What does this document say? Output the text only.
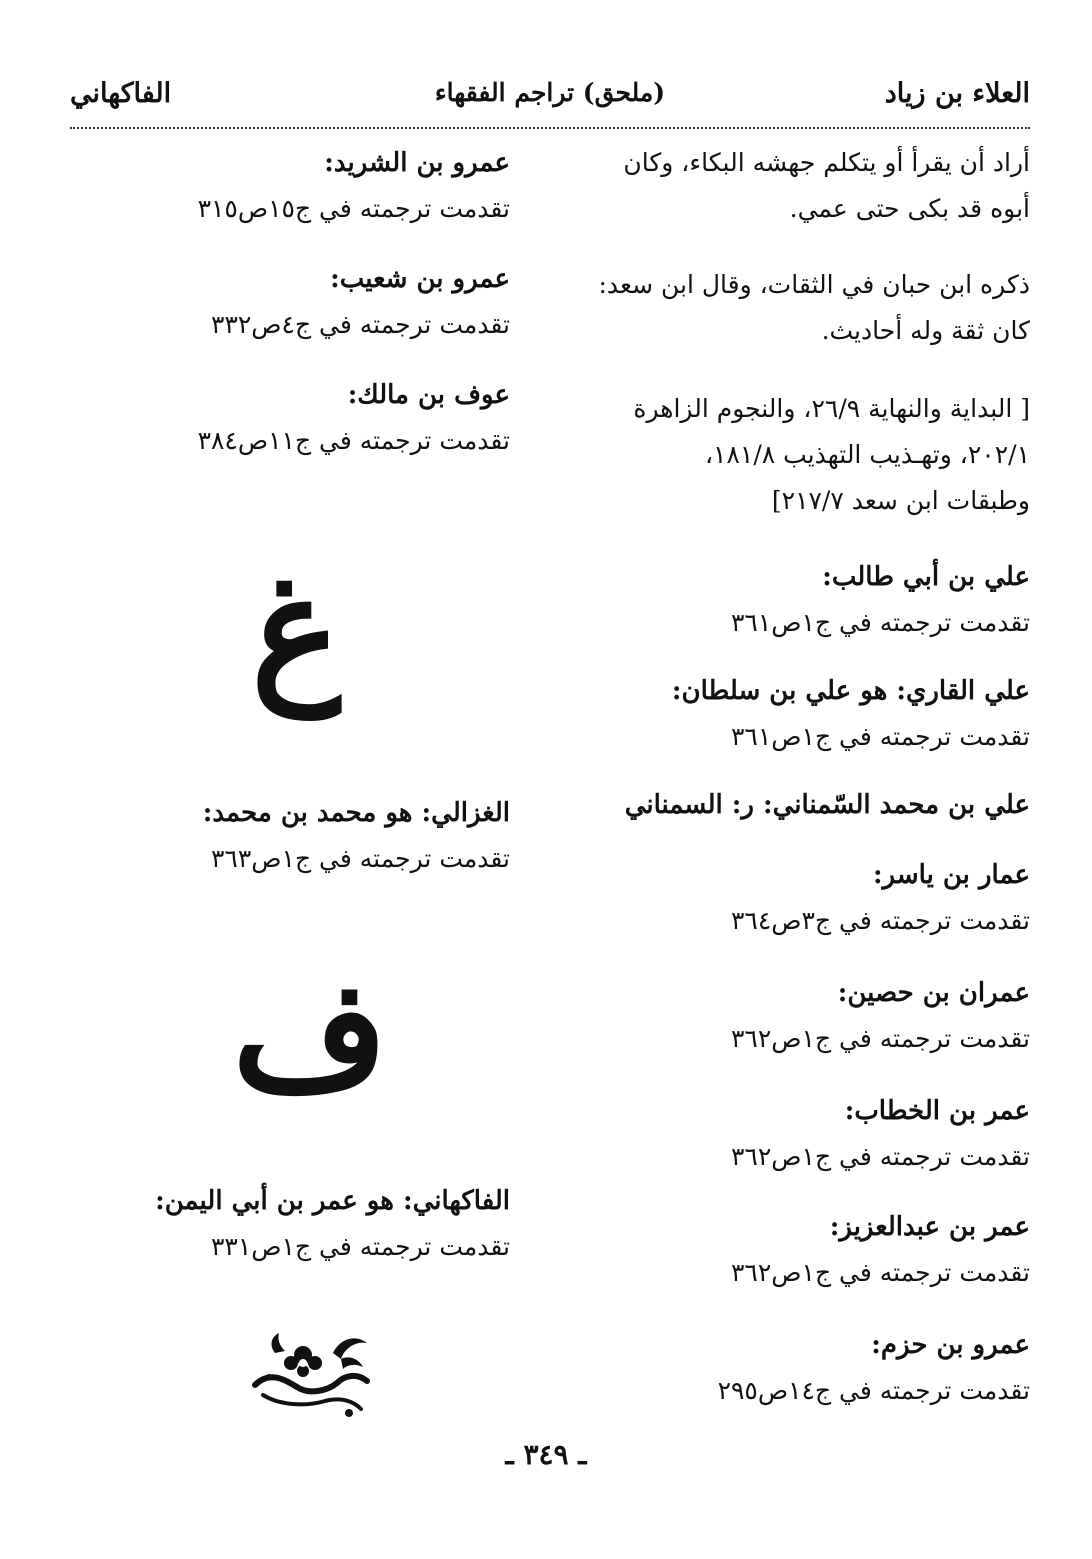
العلاء بن زياد
(ملحق) تراجم الفقهاء
الفاكهاني
أراد أن يقرأ أو يتكلم جهشه البكاء، وكان
أبوه قد بكى حتى عمي.
ذكره ابن حبان في الثقات، وقال ابن سعد:
كان ثقة وله أحاديث.
[ البداية والنهاية ٢٦/٩، والنجوم الزاهرة
٢٠٢/١، وتهـذيب التهذيب ١٨١/٨،
وطبقات ابن سعد ٢١٧/٧]
علي بن أبي طالب:
تقدمت ترجمته في ج١ص٣٦١
علي القاري: هو علي بن سلطان:
تقدمت ترجمته في ج١ص٣٦١
علي بن محمد السّمناني: ر: السمناني
عمار بن ياسر:
تقدمت ترجمته في ج٣ص٣٦٤
عمران بن حصين:
تقدمت ترجمته في ج١ص٣٦٢
عمر بن الخطاب:
تقدمت ترجمته في ج١ص٣٦٢
عمر بن عبدالعزيز:
تقدمت ترجمته في ج١ص٣٦٢
عمرو بن حزم:
تقدمت ترجمته في ج١٤ص٢٩٥
عمرو بن الشريد:
تقدمت ترجمته في ج١٥ص٣١٥
عمرو بن شعيب:
تقدمت ترجمته في ج٤ص٣٣٢
عوف بن مالك:
تقدمت ترجمته في ج١١ص٣٨٤
الغزالي: هو محمد بن محمد:
تقدمت ترجمته في ج١ص٣٦٣
الفاكهاني: هو عمر بن أبي اليمن:
تقدمت ترجمته في ج١ص٣٣١
غ
ف
ـ ٣٤٩ ـ
